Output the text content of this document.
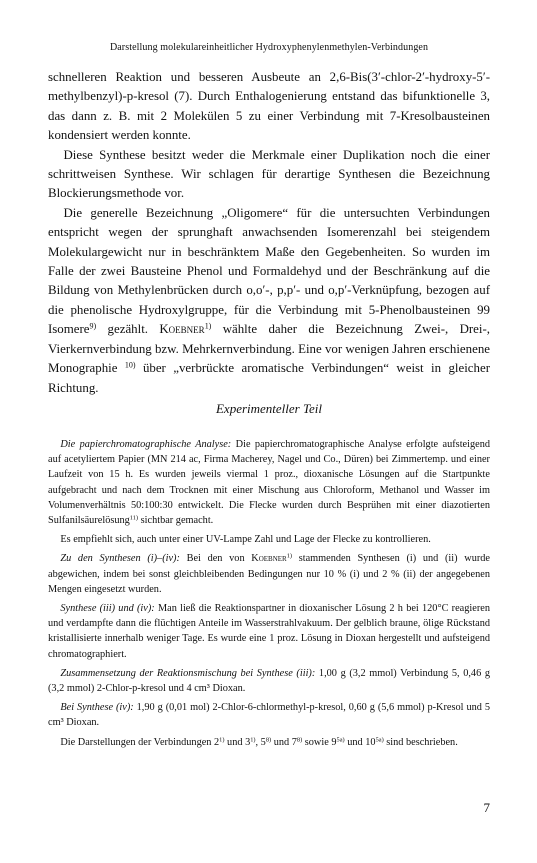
Darstellung molekulareinheitlicher Hydroxyphenylenmethylen-Verbindungen

schnelleren Reaktion und besseren Ausbeute an 2,6-Bis(3′-chlor-2′-hydroxy-5′-methylbenzyl)-p-kresol (7). Durch Enthalogenierung entstand das bifunktionelle 3, das dann z. B. mit 2 Molekülen 5 zu einer Verbindung mit 7-Kresolbausteinen kondensiert werden konnte.

Diese Synthese besitzt weder die Merkmale einer Duplikation noch die einer schrittweisen Synthese. Wir schlagen für derartige Synthesen die Bezeichnung Blockierungsmethode vor.

Die generelle Bezeichnung „Oligomere“ für die untersuchten Verbindungen entspricht wegen der sprunghaft anwachsenden Isomerenzahl bei steigendem Molekulargewicht nur in beschränktem Maße den Gegebenheiten. So wurden im Falle der zwei Bausteine Phenol und Formaldehyd und der Beschränkung auf die Bildung von Methylenbrücken durch o,o′-, p,p′- und o,p′-Verknüpfung, bezogen auf die phenolische Hydroxylgruppe, für die Verbindung mit 5-Phenolbausteinen 99 Isomere$^{9)}$ gezählt. Koebner$^{1)}$ wählte daher die Bezeichnung Zwei-, Drei-, Vierkernverbindung bzw. Mehrkernverbindung. Eine vor wenigen Jahren erschienene Monographie $^{10)}$ über „verbrückte aromatische Verbindungen“ weist in gleicher Richtung.

Experimenteller Teil

Die papierchromatographische Analyse: Die papierchromatographische Analyse erfolgte aufsteigend auf acetyliertem Papier (MN 214 ac, Firma Macherey, Nagel und Co., Düren) bei Zimmertemp. und einer Laufzeit von 15 h. Es wurden jeweils viermal 1 proz., dioxanische Lösungen auf die Startpunkte aufgebracht und nach dem Trocknen mit einer Mischung aus Chloroform, Methanol und Wasser im Volumenverhältnis 50:100:30 entwickelt. Die Flecke wurden durch Besprühen mit einer diazotierten Sulfanilsäurelösung$^{11)}$ sichtbar gemacht.

Es empfiehlt sich, auch unter einer UV-Lampe Zahl und Lage der Flecke zu kontrollieren.

Zu den Synthesen (i)–(iv): Bei den von Koebner$^{1)}$ stammenden Synthesen (i) und (ii) wurde abgewichen, indem bei sonst gleichbleibenden Bedingungen nur 10 % (i) und 2 % (ii) der angegebenen Mengen eingesetzt wurden.

Synthese (iii) und (iv): Man ließ die Reaktionspartner in dioxanischer Lösung 2 h bei 120°C reagieren und verdampfte dann die flüchtigen Anteile im Wasserstrahlvakuum. Der gelblich braune, ölige Rückstand kristallisierte innerhalb weniger Tage. Es wurde eine 1 proz. Lösung in Dioxan hergestellt und aufsteigend chromatographiert.

Zusammensetzung der Reaktionsmischung bei Synthese (iii): 1,00 g (3,2 mmol) Verbindung 5, 0,46 g (3,2 mmol) 2-Chlor-p-kresol und 4 cm³ Dioxan.

Bei Synthese (iv): 1,90 g (0,01 mol) 2-Chlor-6-chlormethyl-p-kresol, 0,60 g (5,6 mmol) p-Kresol und 5 cm³ Dioxan.

Die Darstellungen der Verbindungen 2$^{1)}$ und 3$^{1)}$, 5$^{8)}$ und 7$^{8)}$ sowie $9^{5a)}$ und $10^{5a)}$ sind beschrieben.

7
